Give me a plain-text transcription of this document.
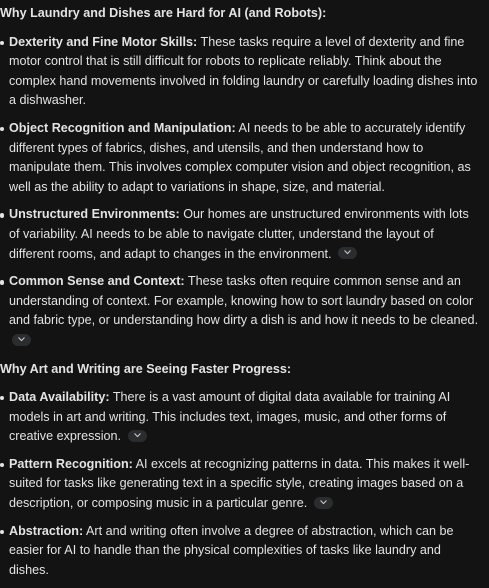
Why Laundry and Dishes are Hard for AI (and Robots):
Dexterity and Fine Motor Skills: These tasks require a level of dexterity and fine motor control that is still difficult for robots to replicate reliably. Think about the complex hand movements involved in folding laundry or carefully loading dishes into a dishwasher.
Object Recognition and Manipulation: AI needs to be able to accurately identify different types of fabrics, dishes, and utensils, and then understand how to manipulate them. This involves complex computer vision and object recognition, as well as the ability to adapt to variations in shape, size, and material.
Unstructured Environments: Our homes are unstructured environments with lots of variability. AI needs to be able to navigate clutter, understand the layout of different rooms, and adapt to changes in the environment.
Common Sense and Context: These tasks often require common sense and an understanding of context. For example, knowing how to sort laundry based on color and fabric type, or understanding how dirty a dish is and how it needs to be cleaned.
Why Art and Writing are Seeing Faster Progress:
Data Availability: There is a vast amount of digital data available for training AI models in art and writing. This includes text, images, music, and other forms of creative expression.
Pattern Recognition: AI excels at recognizing patterns in data. This makes it well-suited for tasks like generating text in a specific style, creating images based on a description, or composing music in a particular genre.
Abstraction: Art and writing often involve a degree of abstraction, which can be easier for AI to handle than the physical complexities of tasks like laundry and dishes.
